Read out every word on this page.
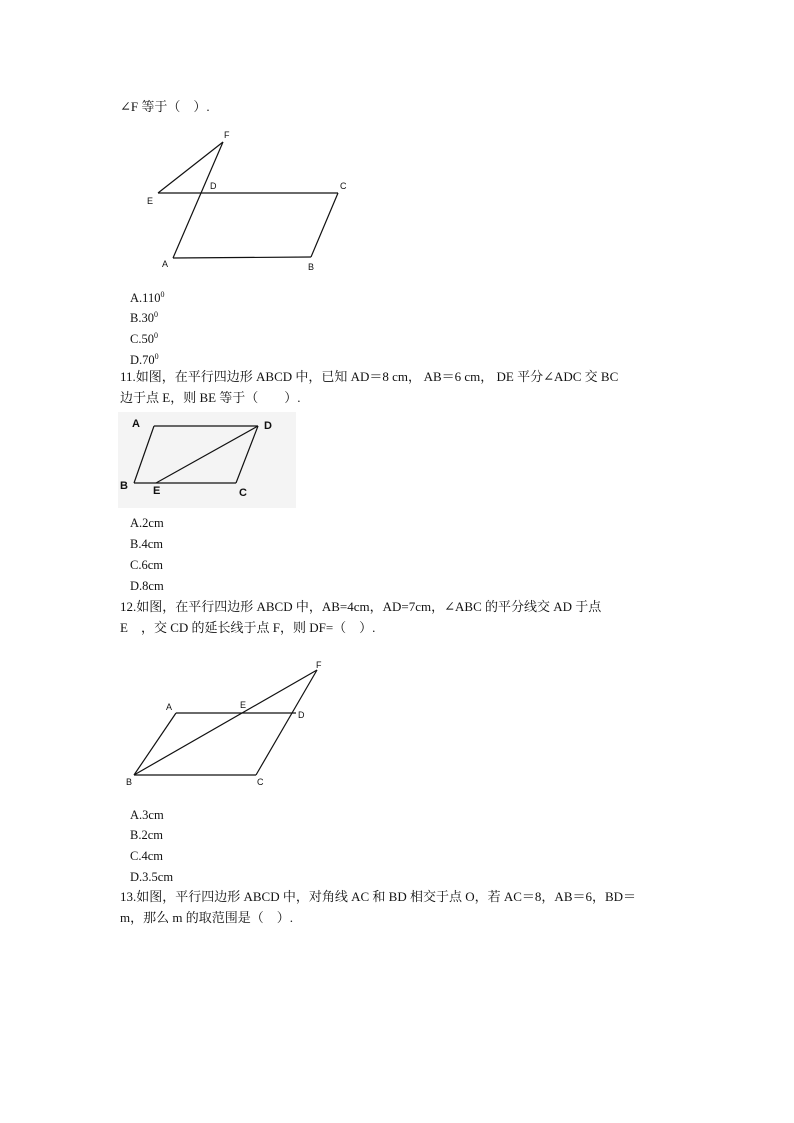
∠F 等于（　）.
F
E
D	C
A	B
A.110$^0$
$B.30^0$
$C.50^0$
$D.70^0$
11.如图，在平行四边形 ABCD 中，已知 AD＝8 cm， AB＝6 cm， DE 平分∠ADC 交 BC
边于点 E，则 BE 等于（　　）.
A	D
B E	C
A.2cm
B.4cm
C.6cm
D.8cm
12.如图，在平行四边形 ABCD 中，AB=4cm，AD=7cm，∠ABC 的平分线交 AD 于点
E　，交 CD 的延长线于点 F，则 DF=（　）.
F
A	E
D
B	C
A.3cm
B.2cm
C.4cm
D.3.5cm
13.如图，平行四边形 ABCD 中，对角线 AC 和 BD 相交于点 O，若 AC＝8，AB＝6，BD＝
m，那么 m 的取范围是（　）.
